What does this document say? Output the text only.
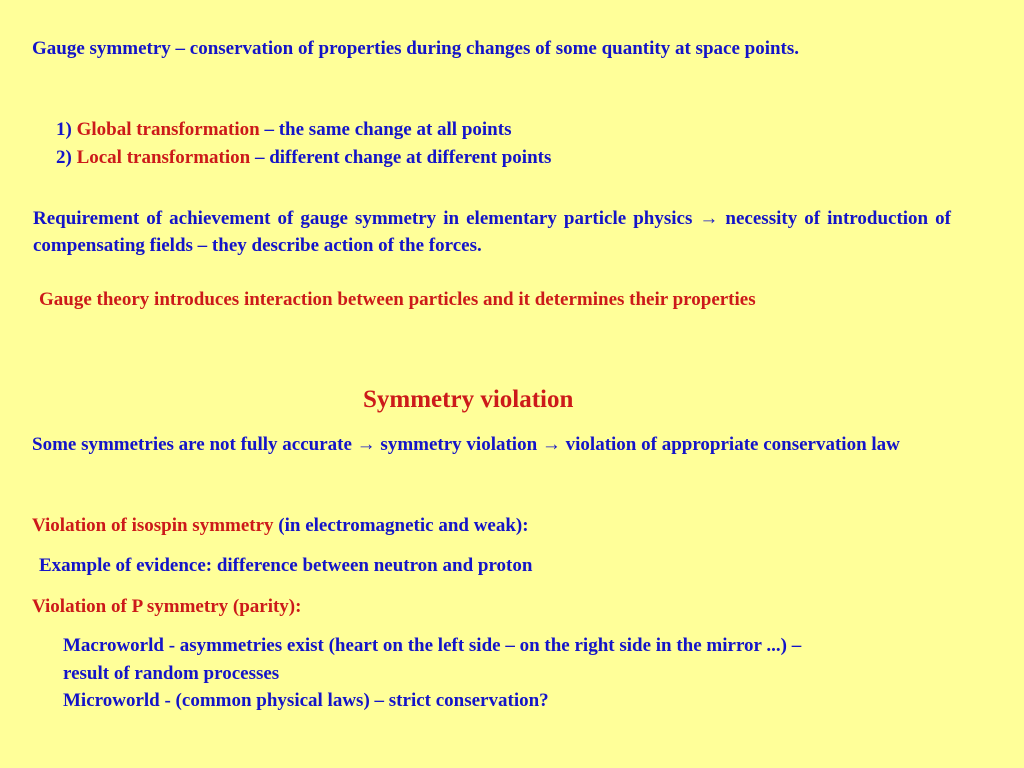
Gauge symmetry – conservation of properties during changes of some quantity at space points.
1) Global transformation – the same change at all points
2) Local transformation – different change at different points
Requirement of achievement of gauge symmetry in elementary particle physics → necessity of introduction of compensating fields – they describe action of the forces.
Gauge theory introduces interaction between particles and it determines their properties
Symmetry violation
Some symmetries are not fully accurate → symmetry violation → violation of appropriate conservation law
Violation of isospin symmetry (in electromagnetic and weak):
Example of evidence: difference between neutron and proton
Violation of P symmetry (parity):
Macroworld - asymmetries exist (heart on the left side – on the right side in the mirror ...) –
result of random processes
Microworld - (common physical laws) – strict conservation?
